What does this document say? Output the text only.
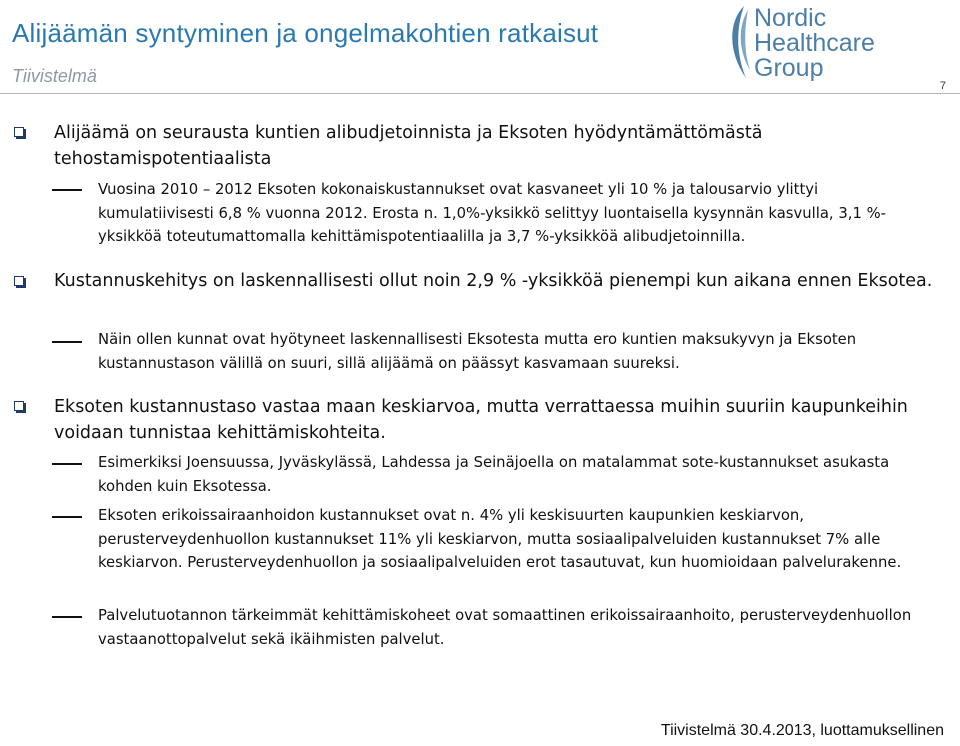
Alijäämän syntyminen ja ongelmakohtien ratkaisut
Tiivistelmä	7
Nordic
Healthcare
Group
Alijäämä on seurausta kuntien alibudjetoinnista ja Eksoten hyödyntämättömästä tehostamispotentiaalista
Vuosina 2010 – 2012 Eksoten kokonaiskustannukset ovat kasvaneet yli 10 % ja talousarvio ylittyi kumulatiivisesti 6,8 % vuonna 2012. Erosta n. 1,0%-yksikkö selittyy luontaisella kysynnän kasvulla, 3,1 %-yksikköä toteutumattomalla kehittämispotentiaalilla ja 3,7 %-yksikköä alibudjetoinnilla.
Kustannuskehitys on laskennallisesti ollut noin 2,9 % -yksikköä pienempi kun aikana ennen Eksotea.
Näin ollen kunnat ovat hyötyneet laskennallisesti Eksotesta mutta ero kuntien maksukyvyn ja Eksoten kustannustason välillä on suuri, sillä alijäämä on päässyt kasvamaan suureksi.
Eksoten kustannustaso vastaa maan keskiarvoa, mutta verrattaessa muihin suuriin kaupunkeihin voidaan tunnistaa kehittämiskohteita.
Esimerkiksi Joensuussa, Jyväskylässä, Lahdessa ja Seinäjoella on matalammat sote-kustannukset asukasta kohden kuin Eksotessa.
Eksoten erikoissairaanhoidon kustannukset ovat n. 4% yli keskisuurten kaupunkien keskiarvon, perusterveydenhuollon kustannukset 11% yli keskiarvon, mutta sosiaalipalveluiden kustannukset 7% alle keskiarvon. Perusterveydenhuollon ja sosiaalipalveluiden erot tasautuvat, kun huomioidaan palvelurakenne.
Palvelutuotannon tärkeimmät kehittämiskoheet ovat somaattinen erikoissairaanhoito, perusterveydenhuollon vastaanottopalvelut sekä ikäihmisten palvelut.
Tiivistelmä 30.4.2013, luottamuksellinen
